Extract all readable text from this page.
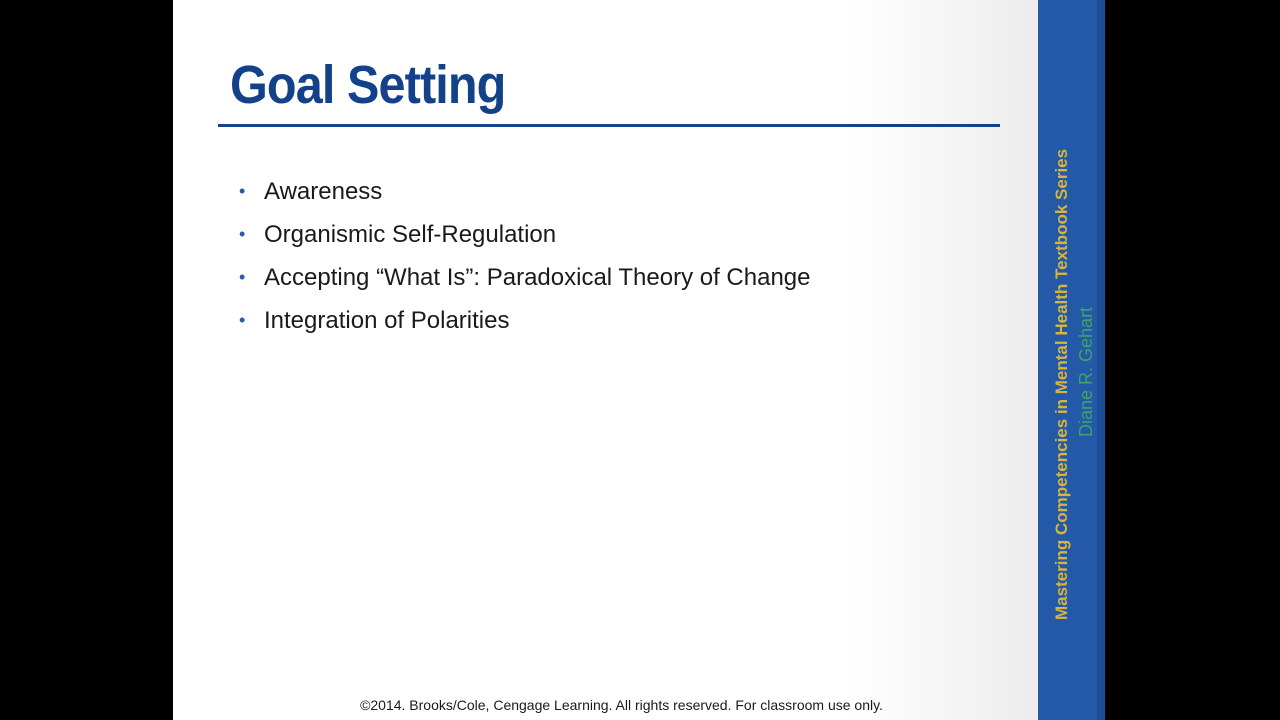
Goal Setting
• Awareness
• Organismic Self-Regulation
• Accepting “What Is”: Paradoxical Theory of Change
• Integration of Polarities
©2014. Brooks/Cole, Cengage Learning. All rights reserved. For classroom use only.
Mastering Competencies in Mental Health Textbook Series Diane R. Gehart
